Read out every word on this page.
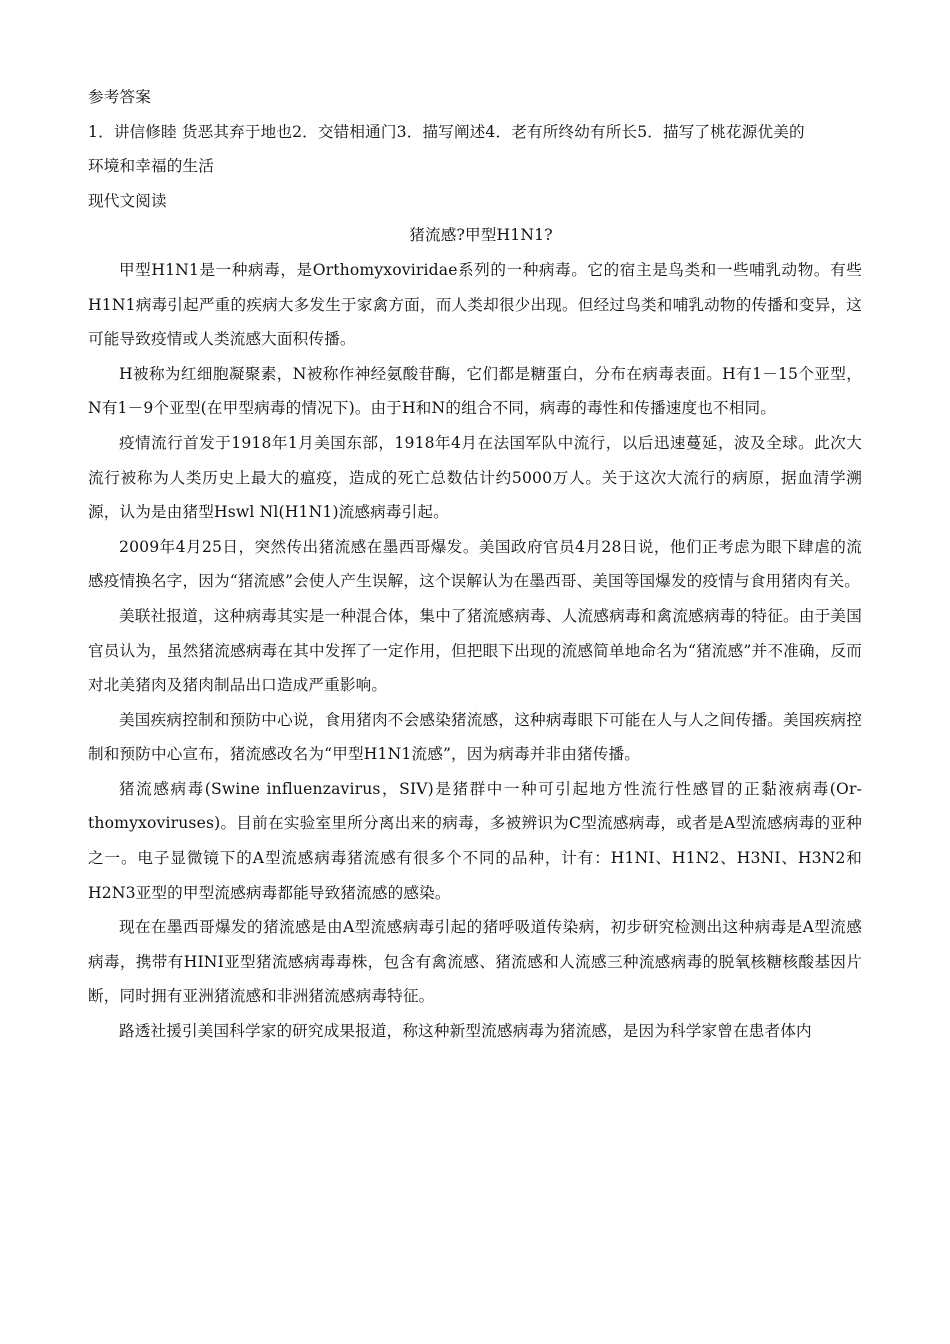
参考答案

1．讲信修睦 货恶其弃于地也2．交错相通门3．描写阐述4．老有所终幼有所长5．描写了桃花源优美的

环境和幸福的生活

现代文阅读

猪流感?甲型H1N1?

甲型H1N1是一种病毒，是Orthomyxoviridae系列的一种病毒。它的宿主是鸟类和一些哺乳动物。有些H1N1病毒引起严重的疾病大多发生于家禽方面，而人类却很少出现。但经过鸟类和哺乳动物的传播和变异，这可能导致疫情或人类流感大面积传播。

H被称为红细胞凝聚素，N被称作神经氨酸苷酶，它们都是糖蛋白，分布在病毒表面。H有1－15个亚型，N有1－9个亚型(在甲型病毒的情况下)。由于H和N的组合不同，病毒的毒性和传播速度也不相同。

疫情流行首发于1918年1月美国东部，1918年4月在法国军队中流行，以后迅速蔓延，波及全球。此次大流行被称为人类历史上最大的瘟疫，造成的死亡总数估计约5000万人。关于这次大流行的病原，据血清学溯源，认为是由猪型Hswl Nl(H1N1)流感病毒引起。

2009年4月25日，突然传出猪流感在墨西哥爆发。美国政府官员4月28日说，他们正考虑为眼下肆虐的流感疫情换名字，因为“猪流感”会使人产生误解，这个误解认为在墨西哥、美国等国爆发的疫情与食用猪肉有关。

美联社报道，这种病毒其实是一种混合体，集中了猪流感病毒、人流感病毒和禽流感病毒的特征。由于美国官员认为，虽然猪流感病毒在其中发挥了一定作用，但把眼下出现的流感简单地命名为“猪流感”并不准确，反而对北美猪肉及猪肉制品出口造成严重影响。

美国疾病控制和预防中心说，食用猪肉不会感染猪流感，这种病毒眼下可能在人与人之间传播。美国疾病控制和预防中心宣布，猪流感改名为“甲型H1N1流感”，因为病毒并非由猪传播。

猪流感病毒(Swine influenzavirus，SIV)是猪群中一种可引起地方性流行性感冒的正黏液病毒(Or-thomyxoviruses)。目前在实验室里所分离出来的病毒，多被辨识为C型流感病毒，或者是A型流感病毒的亚种之一。电子显微镜下的A型流感病毒猪流感有很多个不同的品种，计有：H1NI、H1N2、H3NI、H3N2和H2N3亚型的甲型流感病毒都能导致猪流感的感染。

现在在墨西哥爆发的猪流感是由A型流感病毒引起的猪呼吸道传染病，初步研究检测出这种病毒是A型流感病毒，携带有HINI亚型猪流感病毒毒株，包含有禽流感、猪流感和人流感三种流感病毒的脱氧核糖核酸基因片断，同时拥有亚洲猪流感和非洲猪流感病毒特征。

路透社援引美国科学家的研究成果报道，称这种新型流感病毒为猪流感，是因为科学家曾在患者体内
